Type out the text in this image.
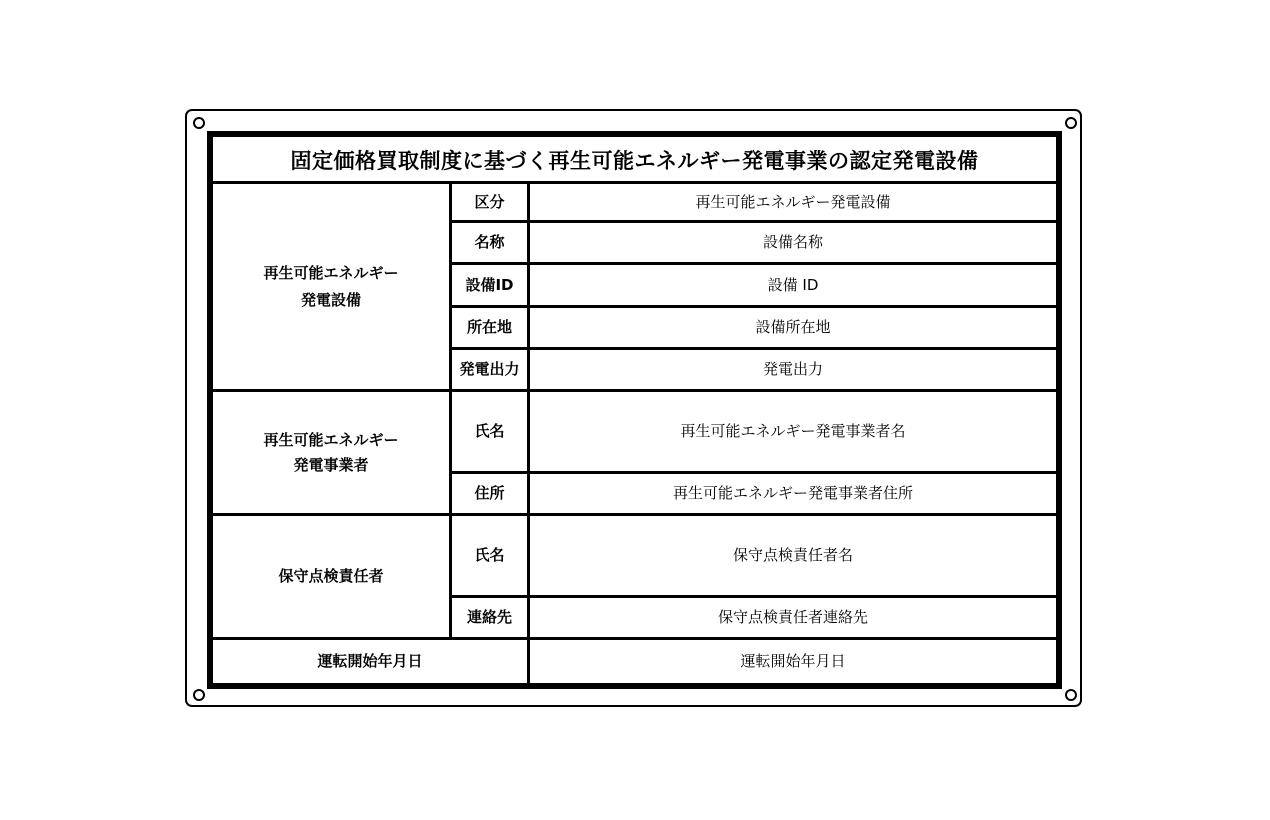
固定価格買取制度に基づく再生可能エネルギー発電事業の認定発電設備
再生可能エネルギー
発電設備
再生可能エネルギー
発電事業者
保守点検責任者
区分
名称
設備ID
所在地
発電出力
氏名
住所
氏名
連絡先
再生可能エネルギー発電設備
設備名称
設備 ID
設備所在地
発電出力
再生可能エネルギー発電事業者名
再生可能エネルギー発電事業者住所
保守点検責任者名
保守点検責任者連絡先
運転開始年月日	運転開始年月日
